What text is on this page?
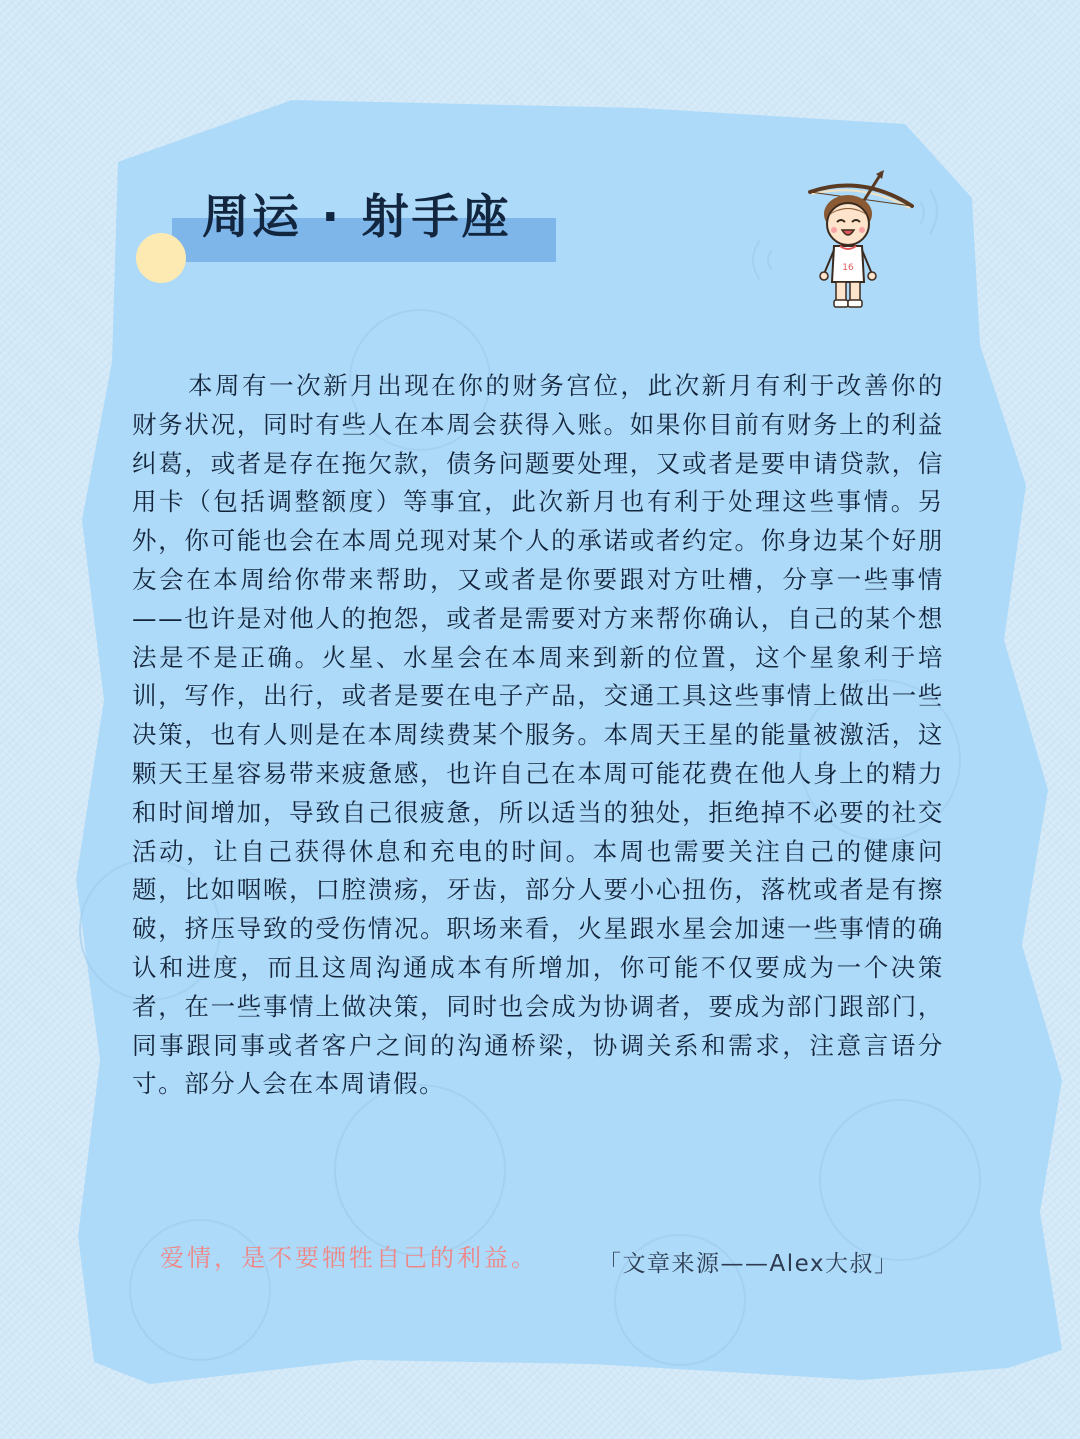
周运 · 射手座
16

本周有一次新月出现在你的财务宫位，此次新月有利于改善你的财务状况，同时有些人在本周会获得入账。如果你目前有财务上的利益纠葛，或者是存在拖欠款，债务问题要处理，又或者是要申请贷款，信用卡（包括调整额度）等事宜，此次新月也有利于处理这些事情。另外，你可能也会在本周兑现对某个人的承诺或者约定。你身边某个好朋友会在本周给你带来帮助，又或者是你要跟对方吐槽，分享一些事情——也许是对他人的抱怨，或者是需要对方来帮你确认，自己的某个想法是不是正确。火星、水星会在本周来到新的位置，这个星象利于培训，写作，出行，或者是要在电子产品，交通工具这些事情上做出一些决策，也有人则是在本周续费某个服务。本周天王星的能量被激活，这颗天王星容易带来疲惫感，也许自己在本周可能花费在他人身上的精力和时间增加，导致自己很疲惫，所以适当的独处，拒绝掉不必要的社交活动，让自己获得休息和充电的时间。本周也需要关注自己的健康问题，比如咽喉，口腔溃疡，牙齿，部分人要小心扭伤，落枕或者是有擦破，挤压导致的受伤情况。职场来看，火星跟水星会加速一些事情的确认和进度，而且这周沟通成本有所增加，你可能不仅要成为一个决策者，在一些事情上做决策，同时也会成为协调者，要成为部门跟部门，同事跟同事或者客户之间的沟通桥梁，协调关系和需求，注意言语分寸。部分人会在本周请假。

爱情，是不要牺牲自己的利益。	「文章来源——Alex大叔」
